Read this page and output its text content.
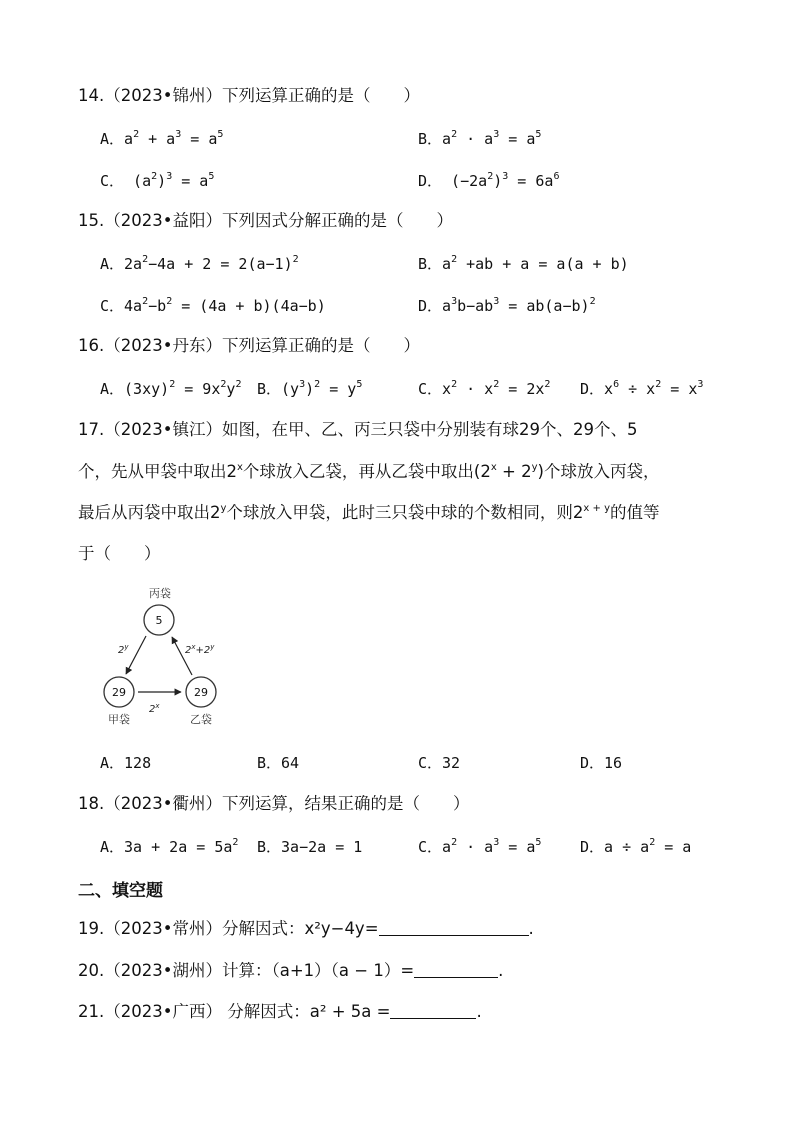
14.（2023•锦州）下列运算正确的是（　　）
A．$a^2 + a^3 = a^5$	B．$a^2 \cdot a^3 = a^5$
C． $(a^2)^3 = a^5$	D． $(-2a^2)^3 = 6a^6$
15.（2023•益阳）下列因式分解正确的是（　　）
A．$2a^2-4a + 2 = 2(a-1)^2$	B．$a^2 +ab + a = a(a + b)$
C．$4a^2-b^2 = (4a + b)(4a-b)$	D．$a^3b-ab^3 = ab(a-b)^2$
16.（2023•丹东）下列运算正确的是（　　）
A．$(3xy)^2 = 9x^2y^2$ B．$(y^3)^2 = y^5$	C．$x^2 \cdot x^2 = 2x^2$ D．$x^6 \div x^2 = x^3$
17.（2023•镇江）如图，在甲、乙、丙三只袋中分别装有球29个、29个、5
个，先从甲袋中取出2$^x$个球放入乙袋，再从乙袋中取出$(2^x + 2^y)$个球放入丙袋，
最后从丙袋中取出2$^y$个球放入甲袋，此时三只袋中球的个数相同，则$2^{x + y}$的值等
于（　　）
丙袋
5
29
甲袋
29
乙袋
2$^y$	$2^x+2^y$
2$^x$
A．128	B．64	C．32	D．16
18.（2023•衢州）下列运算，结果正确的是（　　）
A．$3a + 2a = 5a^2$ B．3a−2a = 1	C．$a^2 \cdot a^3 = a^5$	D．$a \div a^2 = a$
二、填空题
19.（2023•常州）分解因式：x²y−4y=	.
20.（2023•湖州）计算：（a+1）（a − 1）=	.
21.（2023•广西） 分解因式：a² + 5a =	.
